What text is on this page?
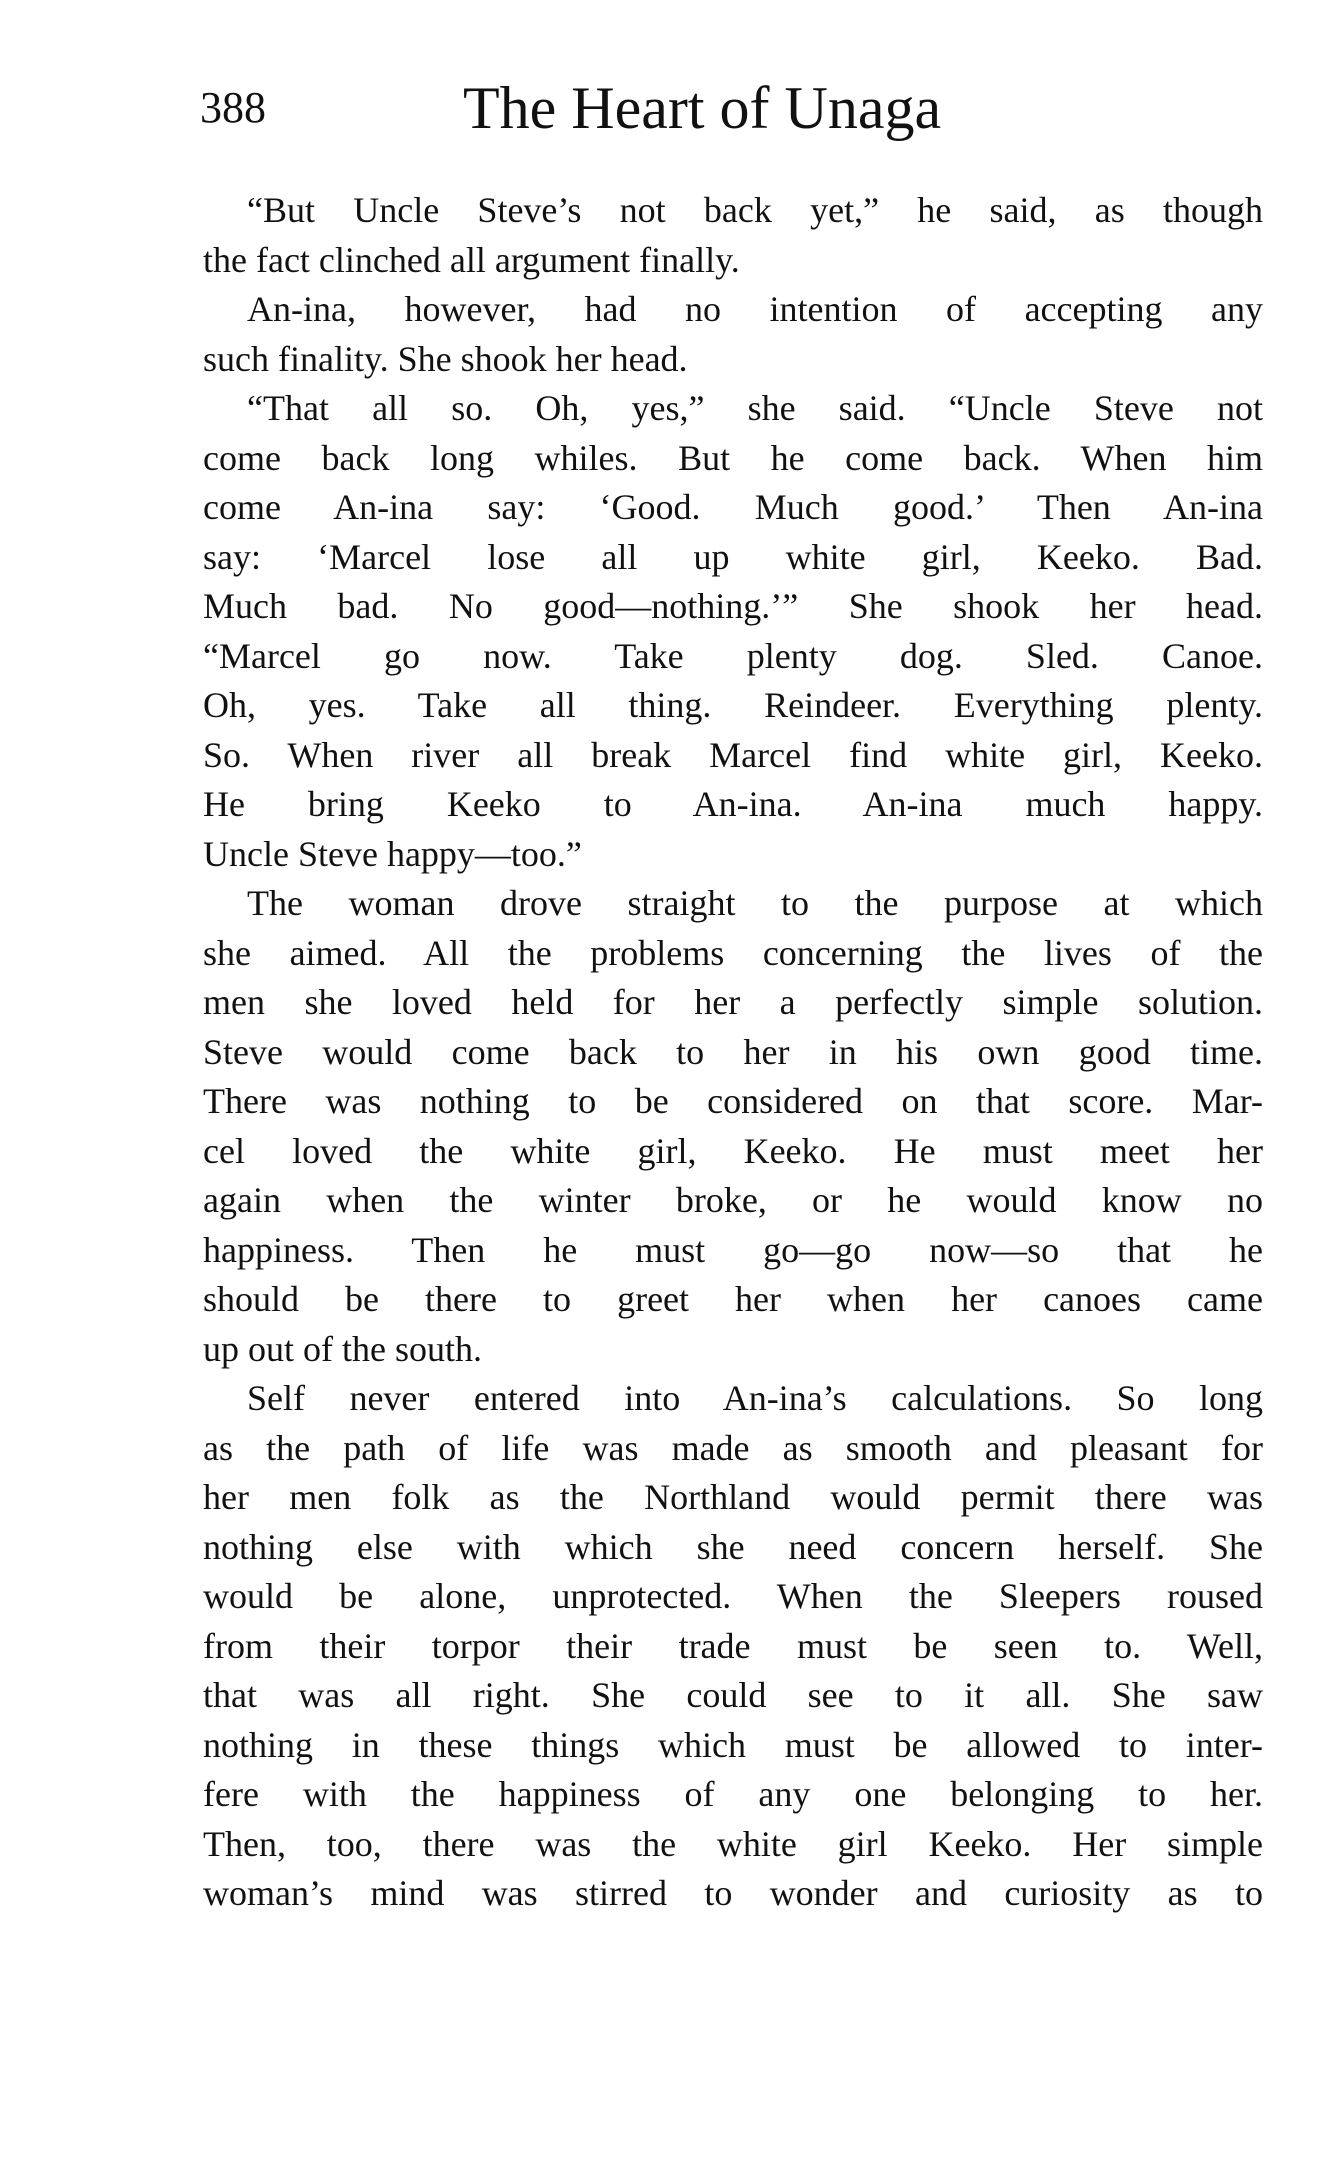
388	The Heart of Unaga
“But Uncle Steve’s not back yet,” he said, as though
the fact clinched all argument finally.
An-ina, however, had no intention of accepting any
such finality. She shook her head.
“That all so. Oh, yes,” she said. “Uncle Steve not
come back long whiles. But he come back. When him
come An-ina say: ‘Good. Much good.’ Then An-ina
say: ‘Marcel lose all up white girl, Keeko. Bad.
Much bad. No good—nothing.’” She shook her head.
“Marcel go now. Take plenty dog. Sled. Canoe.
Oh, yes. Take all thing. Reindeer. Everything plenty.
So. When river all break Marcel find white girl, Keeko.
He bring Keeko to An-ina. An-ina much happy.
Uncle Steve happy—too.”
The woman drove straight to the purpose at which
she aimed. All the problems concerning the lives of the
men she loved held for her a perfectly simple solution.
Steve would come back to her in his own good time.
There was nothing to be considered on that score. Mar-
cel loved the white girl, Keeko. He must meet her
again when the winter broke, or he would know no
happiness. Then he must go—go now—so that he
should be there to greet her when her canoes came
up out of the south.
Self never entered into An-ina’s calculations. So long
as the path of life was made as smooth and pleasant for
her men folk as the Northland would permit there was
nothing else with which she need concern herself. She
would be alone, unprotected. When the Sleepers roused
from their torpor their trade must be seen to. Well,
that was all right. She could see to it all. She saw
nothing in these things which must be allowed to inter-
fere with the happiness of any one belonging to her.
Then, too, there was the white girl Keeko. Her simple
woman’s mind was stirred to wonder and curiosity as to
